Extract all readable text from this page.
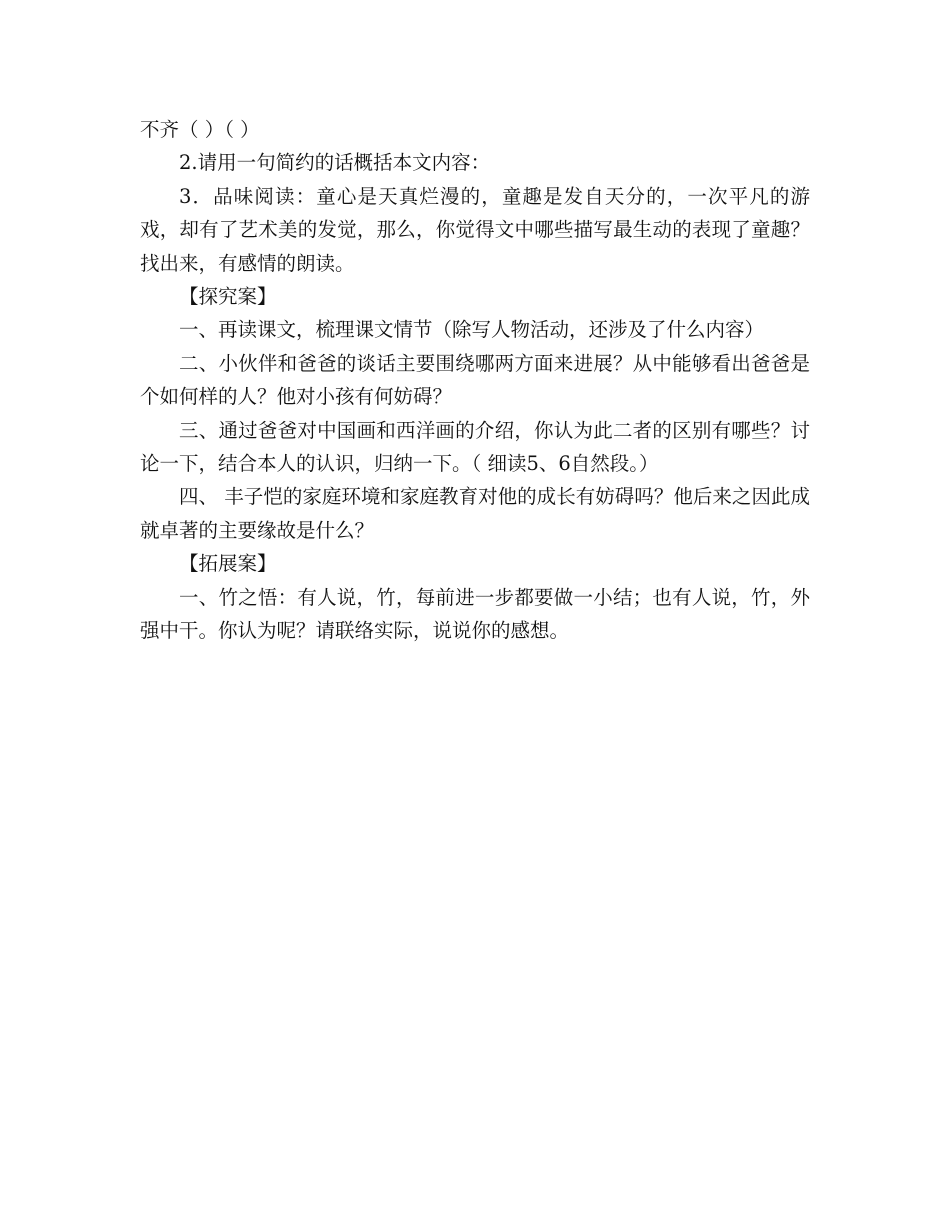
不齐（ ）（ ）

2.请用一句简约的话概括本文内容：

3．品味阅读：童心是天真烂漫的，童趣是发自天分的，一次平凡的游戏，却有了艺术美的发觉，那么，你觉得文中哪些描写最生动的表现了童趣？找出来，有感情的朗读。

【探究案】

一、再读课文，梳理课文情节（除写人物活动，还涉及了什么内容）

二、小伙伴和爸爸的谈话主要围绕哪两方面来进展？从中能够看出爸爸是个如何样的人？他对小孩有何妨碍？

三、通过爸爸对中国画和西洋画的介绍，你认为此二者的区别有哪些？讨论一下，结合本人的认识，归纳一下。（ 细读5、6自然段。）

四、 丰子恺的家庭环境和家庭教育对他的成长有妨碍吗？他后来之因此成就卓著的主要缘故是什么？

【拓展案】

一、竹之悟：有人说，竹，每前进一步都要做一小结；也有人说，竹，外强中干。你认为呢？请联络实际，说说你的感想。
